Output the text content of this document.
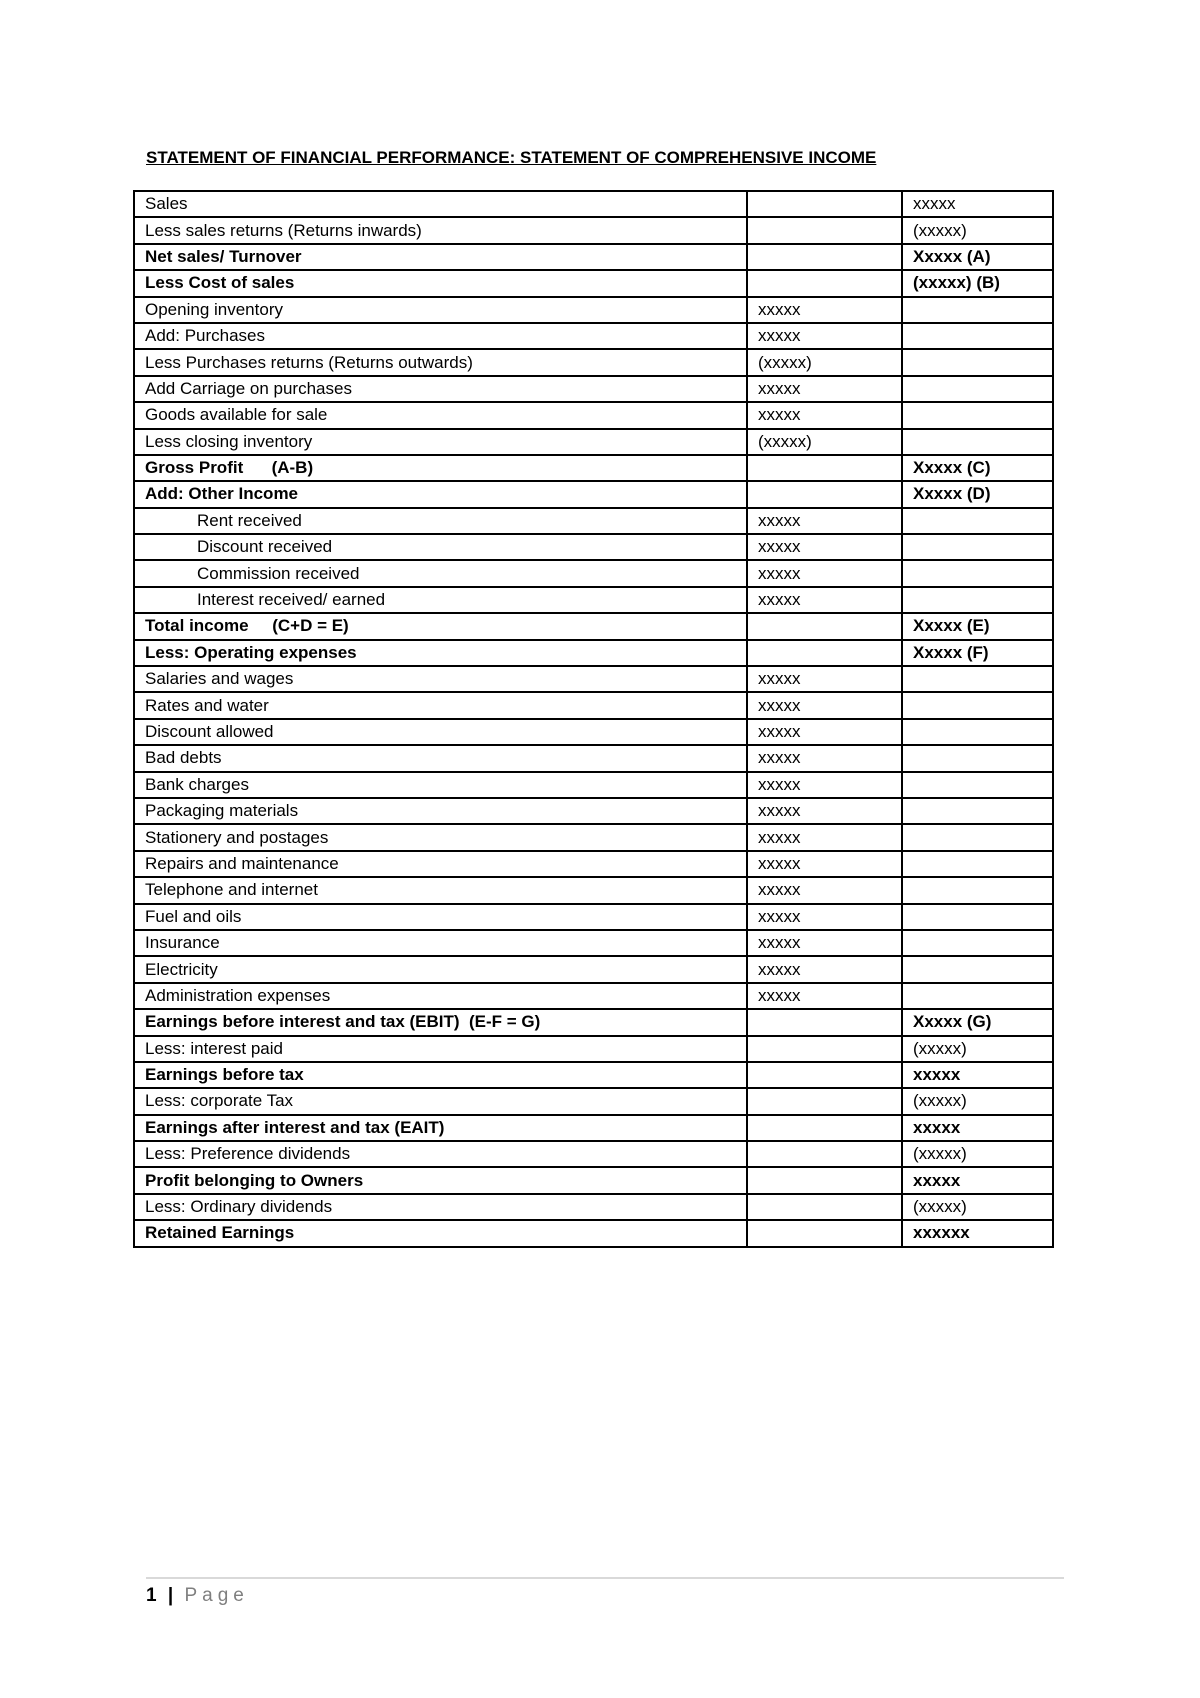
STATEMENT OF FINANCIAL PERFORMANCE: STATEMENT OF COMPREHENSIVE INCOME
Sales		xxxxx
Less sales returns (Returns inwards)		(xxxxx)
Net sales/ Turnover		Xxxxx (A)
Less Cost of sales		(xxxxx) (B)
Opening inventory	xxxxx	
Add: Purchases	xxxxx	
Less Purchases returns (Returns outwards)	(xxxxx)	
Add Carriage on purchases	xxxxx	
Goods available for sale	xxxxx	
Less closing inventory	(xxxxx)	
Gross Profit      (A-B)		Xxxxx (C)
Add: Other Income		Xxxxx (D)
Rent received	xxxxx	
Discount received	xxxxx	
Commission received	xxxxx	
Interest received/ earned	xxxxx	
Total income     (C+D = E)		Xxxxx (E)
Less: Operating expenses		Xxxxx (F)
Salaries and wages	xxxxx	
Rates and water	xxxxx	
Discount allowed	xxxxx	
Bad debts	xxxxx	
Bank charges	xxxxx	
Packaging materials	xxxxx	
Stationery and postages	xxxxx	
Repairs and maintenance	xxxxx	
Telephone and internet	xxxxx	
Fuel and oils	xxxxx	
Insurance	xxxxx	
Electricity	xxxxx	
Administration expenses	xxxxx	
Earnings before interest and tax (EBIT)  (E-F = G)		Xxxxx (G)
Less: interest paid		(xxxxx)
Earnings before tax		xxxxx
Less: corporate Tax		(xxxxx)
Earnings after interest and tax (EAIT)		xxxxx
Less: Preference dividends		(xxxxx)
Profit belonging to Owners		xxxxx
Less: Ordinary dividends		(xxxxx)
Retained Earnings		xxxxxx
1 | Page
